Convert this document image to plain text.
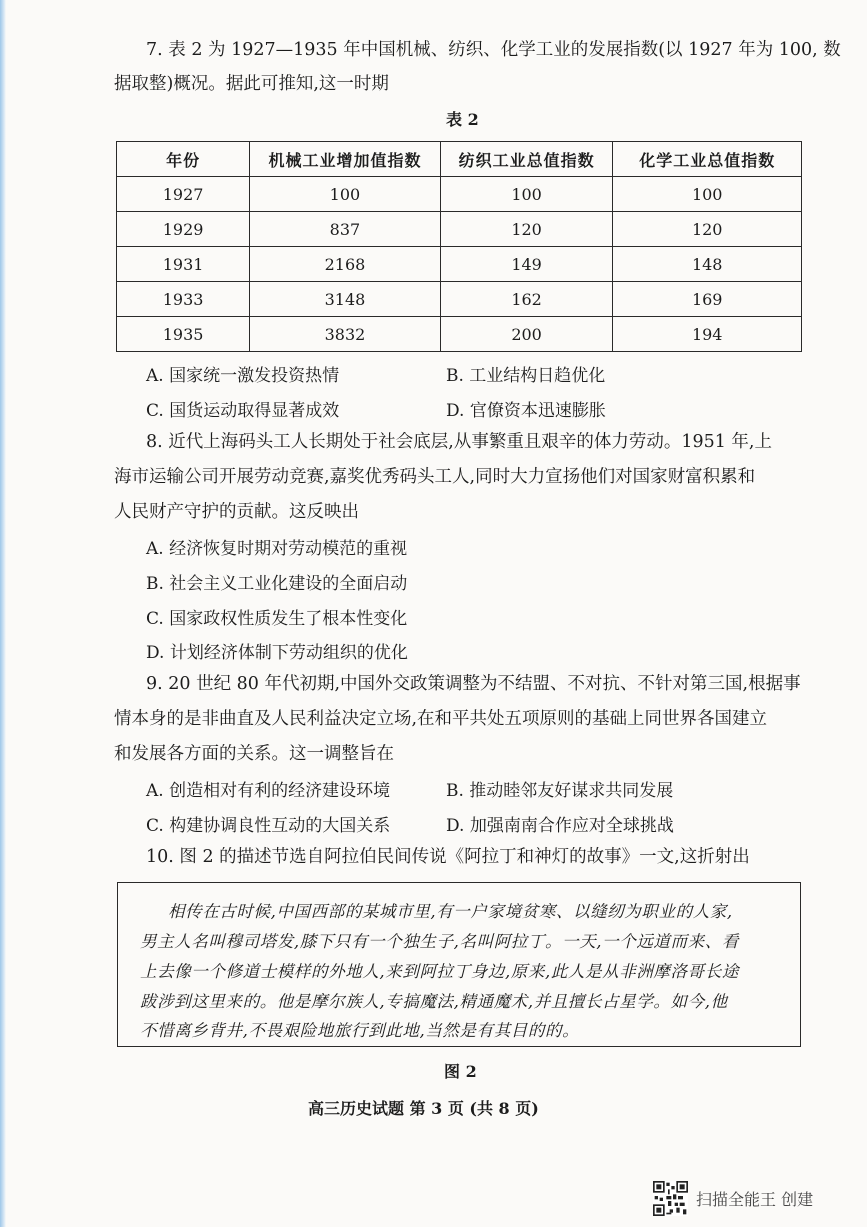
7. 表 2 为 1927—1935 年中国机械、纺织、化学工业的发展指数(以 1927 年为 100, 数
据取整)概况。据此可推知,这一时期
表 2
年份	机械工业增加值指数	纺织工业总值指数	化学工业总值指数
1927	100	100	100
1929	837	120	120
1931	2168	149	148
1933	3148	162	169
1935	3832	200	194
A. 国家统一激发投资热情	B. 工业结构日趋优化
C. 国货运动取得显著成效	D. 官僚资本迅速膨胀
8. 近代上海码头工人长期处于社会底层,从事繁重且艰辛的体力劳动。1951 年,上
海市运输公司开展劳动竞赛,嘉奖优秀码头工人,同时大力宣扬他们对国家财富积累和
人民财产守护的贡献。这反映出
A. 经济恢复时期对劳动模范的重视
B. 社会主义工业化建设的全面启动
C. 国家政权性质发生了根本性变化
D. 计划经济体制下劳动组织的优化
9. 20 世纪 80 年代初期,中国外交政策调整为不结盟、不对抗、不针对第三国,根据事
情本身的是非曲直及人民利益决定立场,在和平共处五项原则的基础上同世界各国建立
和发展各方面的关系。这一调整旨在
A. 创造相对有利的经济建设环境	B. 推动睦邻友好谋求共同发展
C. 构建协调良性互动的大国关系	D. 加强南南合作应对全球挑战
10. 图 2 的描述节选自阿拉伯民间传说《阿拉丁和神灯的故事》一文,这折射出
相传在古时候,中国西部的某城市里,有一户家境贫寒、以缝纫为职业的人家,
男主人名叫穆司塔发,膝下只有一个独生子,名叫阿拉丁。一天,一个远道而来、看
上去像一个修道士模样的外地人,来到阿拉丁身边,原来,此人是从非洲摩洛哥长途
跋涉到这里来的。他是摩尔族人,专搞魔法,精通魔术,并且擅长占星学。如今,他
不惜离乡背井,不畏艰险地旅行到此地,当然是有其目的的。
图 2
高三历史试题 第 3 页 (共 8 页)
扫描全能王 创建
